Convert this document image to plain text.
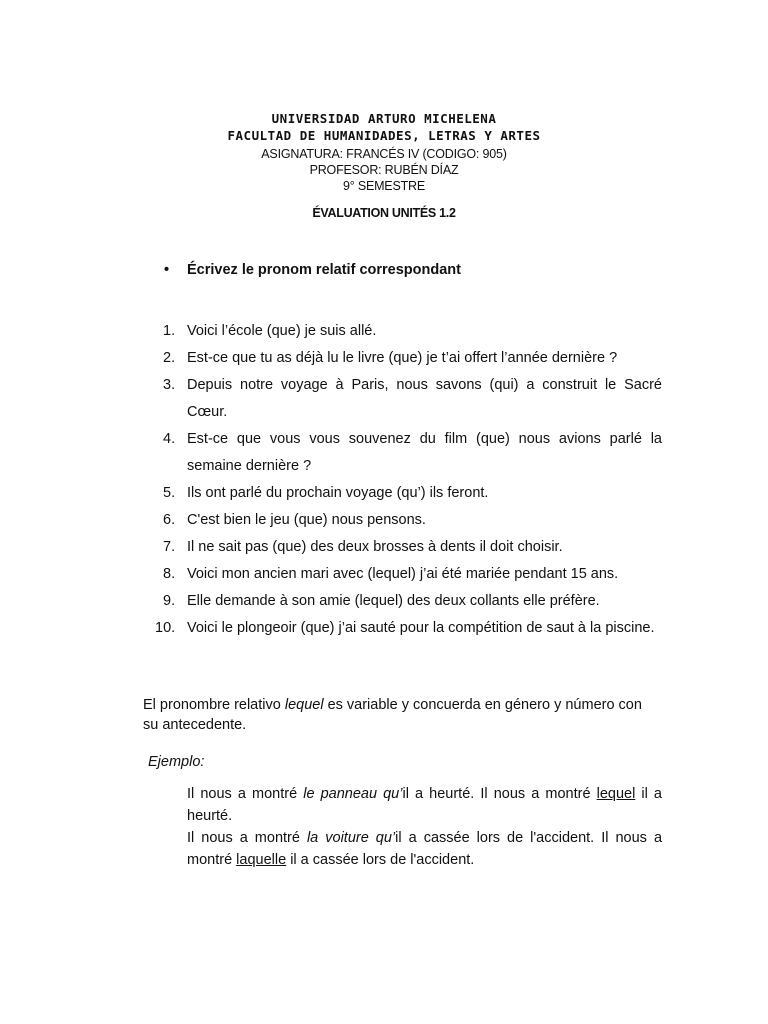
UNIVERSIDAD ARTURO MICHELENA
FACULTAD DE HUMANIDADES, LETRAS Y ARTES
ASIGNATURA: FRANCÉS IV (CODIGO: 905)
PROFESOR: RUBÉN DÍAZ
9° SEMESTRE
ÉVALUATION UNITÉS 1.2
• Écrivez le pronom relatif correspondant
1. Voici l’école (que) je suis allé.
2. Est-ce que tu as déjà lu le livre (que) je t’ai offert l’année dernière ?
3. Depuis notre voyage à Paris, nous savons (qui) a construit le Sacré Cœur.
4. Est-ce que vous vous souvenez du film (que) nous avions parlé la semaine dernière ?
5. Ils ont parlé du prochain voyage (qu’) ils feront.
6. C'est bien le jeu (que) nous pensons.
7. Il ne sait pas (que) des deux brosses à dents il doit choisir.
8. Voici mon ancien mari avec (lequel) j’ai été mariée pendant 15 ans.
9. Elle demande à son amie (lequel) des deux collants elle préfère.
10. Voici le plongeoir (que) j’ai sauté pour la compétition de saut à la piscine.
El pronombre relativo lequel es variable y concuerda en género y número con su antecedente.
Ejemplo:

Il nous a montré le panneau qu’il a heurté. Il nous a montré lequel il a heurté.

Il nous a montré la voiture qu’il a cassée lors de l'accident. Il nous a montré laquelle il a cassée lors de l'accident.
